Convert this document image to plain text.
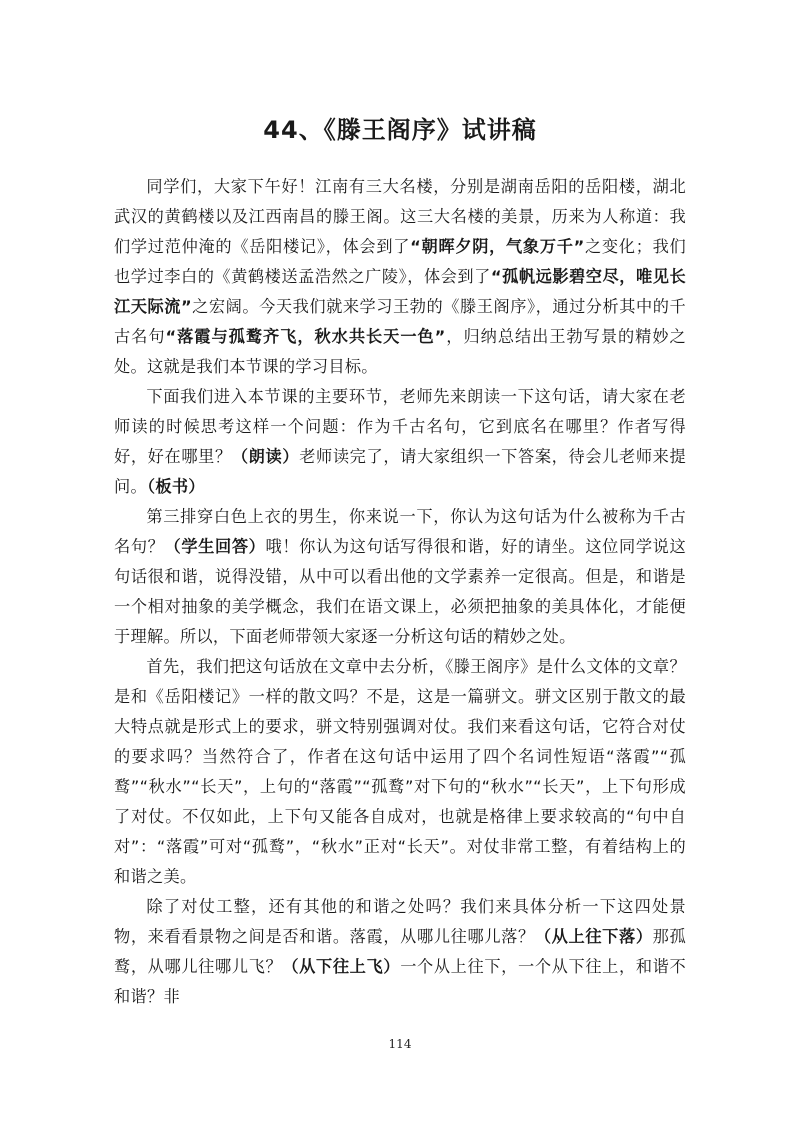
44、《滕王阁序》试讲稿

同学们，大家下午好！江南有三大名楼，分别是湖南岳阳的岳阳楼，湖北武汉的黄鹤楼以及江西南昌的滕王阁。这三大名楼的美景，历来为人称道：我们学过范仲淹的《岳阳楼记》，体会到了“朝晖夕阴，气象万千”之变化；我们也学过李白的《黄鹤楼送孟浩然之广陵》，体会到了“孤帆远影碧空尽，唯见长江天际流”之宏阔。今天我们就来学习王勃的《滕王阁序》，通过分析其中的千古名句“落霞与孤鹜齐飞，秋水共长天一色”，归纳总结出王勃写景的精妙之处。这就是我们本节课的学习目标。

下面我们进入本节课的主要环节，老师先来朗读一下这句话，请大家在老师读的时候思考这样一个问题：作为千古名句，它到底名在哪里？作者写得好，好在哪里？（朗读）老师读完了，请大家组织一下答案，待会儿老师来提问。（板书）

第三排穿白色上衣的男生，你来说一下，你认为这句话为什么被称为千古名句？（学生回答）哦！你认为这句话写得很和谐，好的请坐。这位同学说这句话很和谐，说得没错，从中可以看出他的文学素养一定很高。但是，和谐是一个相对抽象的美学概念，我们在语文课上，必须把抽象的美具体化，才能便于理解。所以，下面老师带领大家逐一分析这句话的精妙之处。

首先，我们把这句话放在文章中去分析，《滕王阁序》是什么文体的文章？是和《岳阳楼记》一样的散文吗？不是，这是一篇骈文。骈文区别于散文的最大特点就是形式上的要求，骈文特别强调对仗。我们来看这句话，它符合对仗的要求吗？当然符合了，作者在这句话中运用了四个名词性短语“落霞”“孤鹜”“秋水”“长天”，上句的“落霞”“孤鹜”对下句的“秋水”“长天”，上下句形成了对仗。不仅如此，上下句又能各自成对，也就是格律上要求较高的“句中自对”：“落霞”可对“孤鹜”，“秋水”正对“长天”。对仗非常工整，有着结构上的和谐之美。

除了对仗工整，还有其他的和谐之处吗？我们来具体分析一下这四处景物，来看看景物之间是否和谐。落霞，从哪儿往哪儿落？（从上往下落）那孤鹜，从哪儿往哪儿飞？（从下往上飞）一个从上往下，一个从下往上，和谐不和谐？非

114
